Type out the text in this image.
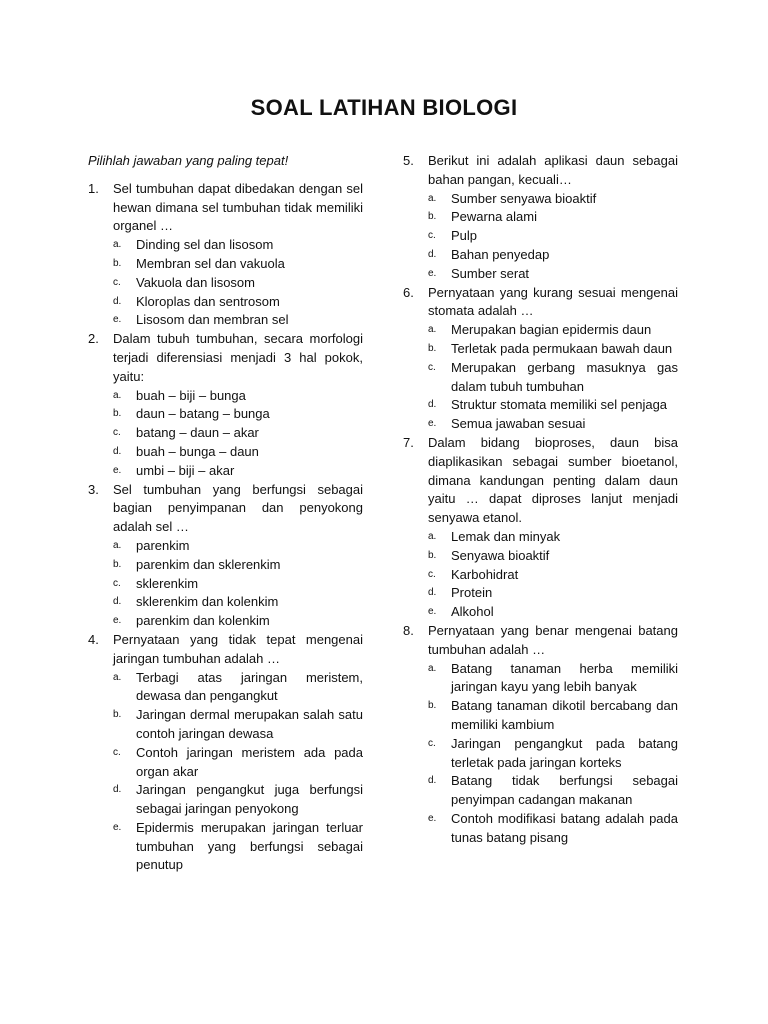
SOAL LATIHAN BIOLOGI
Pilihlah jawaban yang paling tepat!
1.	Sel tumbuhan dapat dibedakan dengan sel hewan dimana sel tumbuhan tidak memiliki organel …
a.	Dinding sel dan lisosom
b.	Membran sel dan vakuola
c.	Vakuola dan lisosom
d.	Kloroplas dan sentrosom
e.	Lisosom dan membran sel
2.	Dalam tubuh tumbuhan, secara morfologi terjadi diferensiasi menjadi 3 hal pokok, yaitu:
a.	buah – biji – bunga
b.	daun – batang – bunga
c.	batang – daun – akar
d.	buah – bunga – daun
e.	umbi – biji – akar
3.	Sel tumbuhan yang berfungsi sebagai bagian penyimpanan dan penyokong adalah sel …
a.	parenkim
b.	parenkim dan sklerenkim
c.	sklerenkim
d.	sklerenkim dan kolenkim
e.	parenkim dan kolenkim
4.	Pernyataan yang tidak tepat mengenai jaringan tumbuhan adalah …
a.	Terbagi atas jaringan meristem, dewasa dan pengangkut
b.	Jaringan dermal merupakan salah satu contoh jaringan dewasa
c.	Contoh jaringan meristem ada pada organ akar
d.	Jaringan pengangkut juga berfungsi sebagai jaringan penyokong
e.	Epidermis merupakan jaringan terluar tumbuhan yang berfungsi sebagai penutup
5.	Berikut ini adalah aplikasi daun sebagai bahan pangan, kecuali…
a.	Sumber senyawa bioaktif
b.	Pewarna alami
c.	Pulp
d.	Bahan penyedap
e.	Sumber serat
6.	Pernyataan yang kurang sesuai mengenai stomata adalah …
a.	Merupakan bagian epidermis daun
b.	Terletak pada permukaan bawah daun
c.	Merupakan gerbang masuknya gas dalam tubuh tumbuhan
d.	Struktur stomata memiliki sel penjaga
e.	Semua jawaban sesuai
7.	Dalam bidang bioproses, daun bisa diaplikasikan sebagai sumber bioetanol, dimana kandungan penting dalam daun yaitu … dapat diproses lanjut menjadi senyawa etanol.
a.	Lemak dan minyak
b.	Senyawa bioaktif
c.	Karbohidrat
d.	Protein
e.	Alkohol
8.	Pernyataan yang benar mengenai batang tumbuhan adalah …
a.	Batang tanaman herba memiliki jaringan kayu yang lebih banyak
b.	Batang tanaman dikotil bercabang dan memiliki kambium
c.	Jaringan pengangkut pada batang terletak pada jaringan korteks
d.	Batang tidak berfungsi sebagai penyimpan cadangan makanan
e.	Contoh modifikasi batang adalah pada tunas batang pisang
